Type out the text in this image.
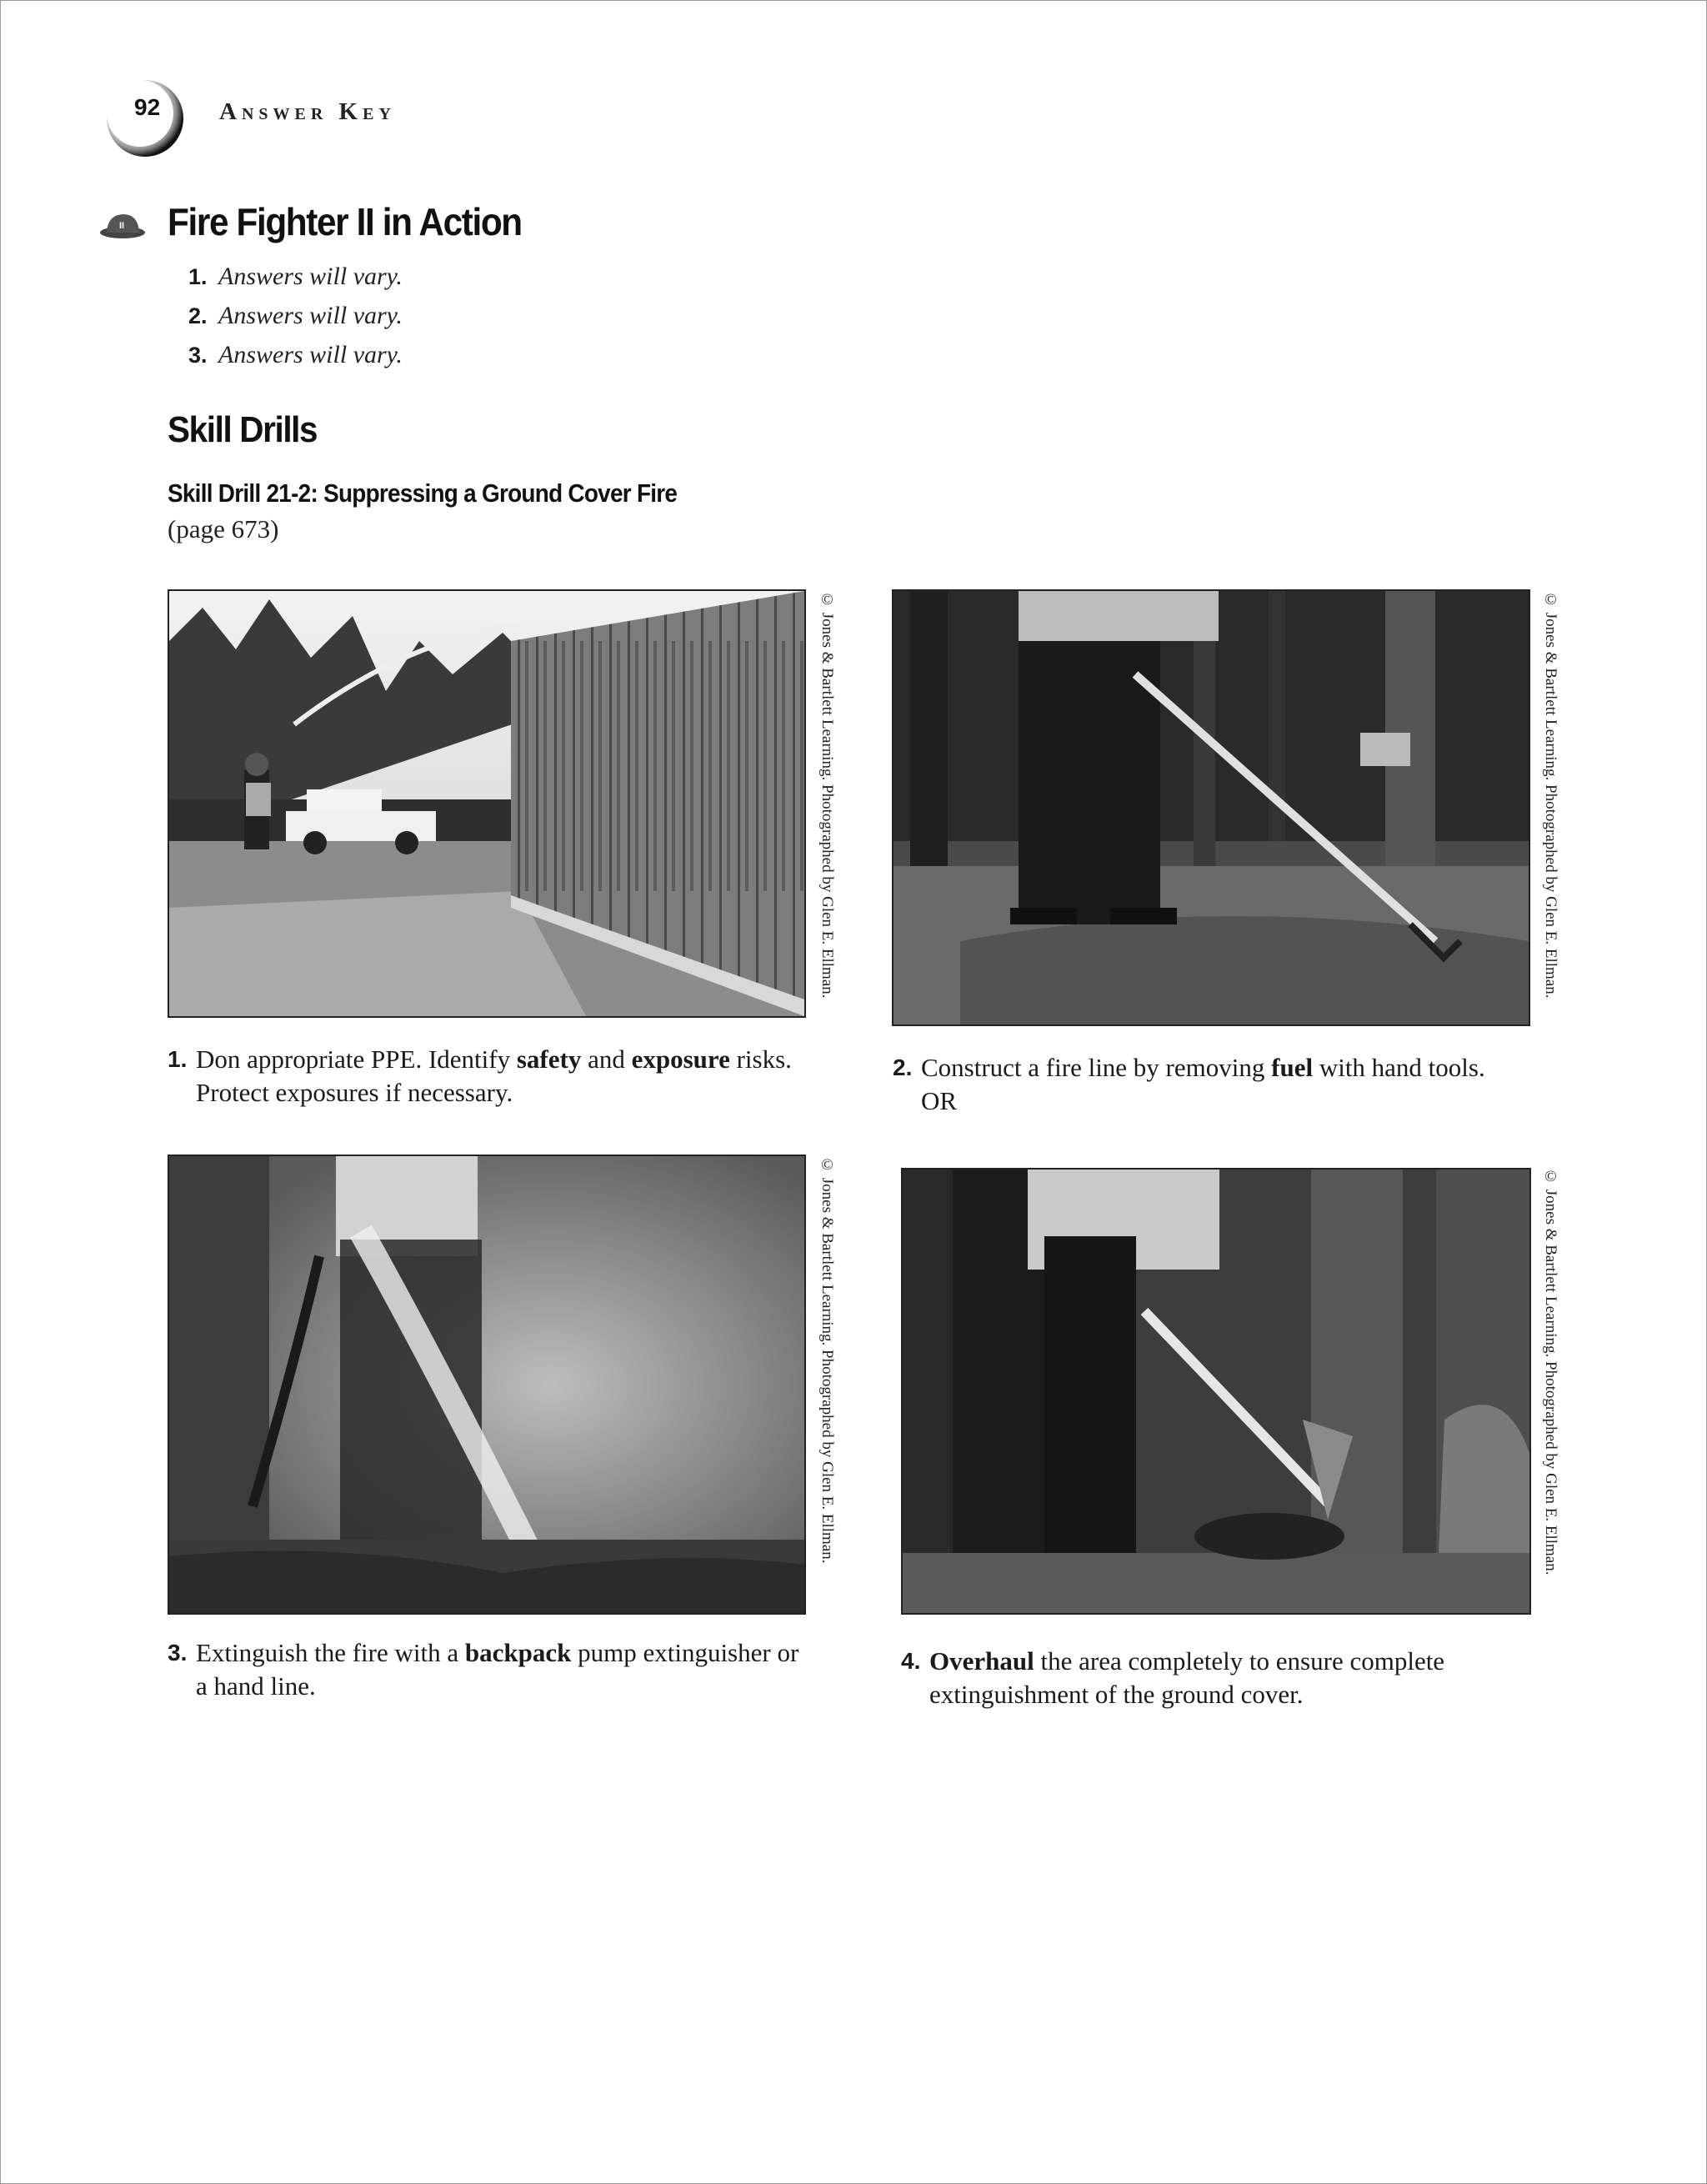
92 Answer Key
II Fire Fighter II in Action
1. Answers will vary.
2. Answers will vary.
3. Answers will vary.
Skill Drills
Skill Drill 21-2: Suppressing a Ground Cover Fire
(page 673)
© Jones & Bartlett Learning. Photographed by Glen E. Ellman.	© Jones & Bartlett Learning. Photographed by Glen E. Ellman.
1. Don appropriate PPE. Identify safety and exposure risks. Protect exposures if necessary.
2. Construct a fire line by removing fuel with hand tools. OR
© Jones & Bartlett Learning. Photographed by Glen E. Ellman.	© Jones & Bartlett Learning. Photographed by Glen E. Ellman.
3. Extinguish the fire with a backpack pump extinguisher or a hand line.
4. Overhaul the area completely to ensure complete extinguishment of the ground cover.
